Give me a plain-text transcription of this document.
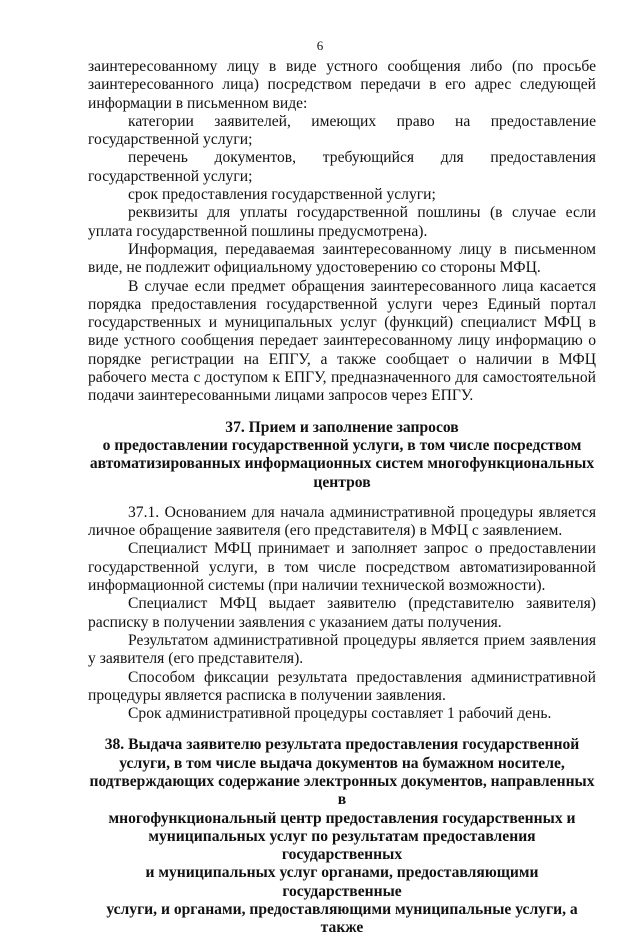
6

заинтересованному лицу в виде устного сообщения либо (по просьбе заинтересованного лица) посредством передачи в его адрес следующей информации в письменном виде:

категории заявителей, имеющих право на предоставление государственной услуги;

перечень документов, требующийся для предоставления государственной услуги;

срок предоставления государственной услуги;

реквизиты для уплаты государственной пошлины (в случае если уплата государственной пошлины предусмотрена).

Информация, передаваемая заинтересованному лицу в письменном виде, не подлежит официальному удостоверению со стороны МФЦ.

В случае если предмет обращения заинтересованного лица касается порядка предоставления государственной услуги через Единый портал государственных и муниципальных услуг (функций) специалист МФЦ в виде устного сообщения передает заинтересованному лицу информацию о порядке регистрации на ЕПГУ, а также сообщает о наличии в МФЦ рабочего места с доступом к ЕПГУ, предназначенного для самостоятельной подачи заинтересованными лицами запросов через ЕПГУ.

37. Прием и заполнение запросов

о предоставлении государственной услуги, в том числе посредством

автоматизированных информационных систем многофункциональных

центров

37.1. Основанием для начала административной процедуры является личное обращение заявителя (его представителя) в МФЦ с заявлением.

Специалист МФЦ принимает и заполняет запрос о предоставлении государственной услуги, в том числе посредством автоматизированной информационной системы (при наличии технической возможности).

Специалист МФЦ выдает заявителю (представителю заявителя) расписку в получении заявления с указанием даты получения.

Результатом административной процедуры является прием заявления у заявителя (его представителя).

Способом фиксации результата предоставления административной процедуры является расписка в получении заявления.

Срок административной процедуры составляет 1 рабочий день.

38. Выдача заявителю результата предоставления государственной

услуги, в том числе выдача документов на бумажном носителе,

подтверждающих содержание электронных документов, направленных в

многофункциональный центр предоставления государственных и

муниципальных услуг по результатам предоставления государственных

и муниципальных услуг органами, предоставляющими государственные

услуги, и органами, предоставляющими муниципальные услуги, а также
